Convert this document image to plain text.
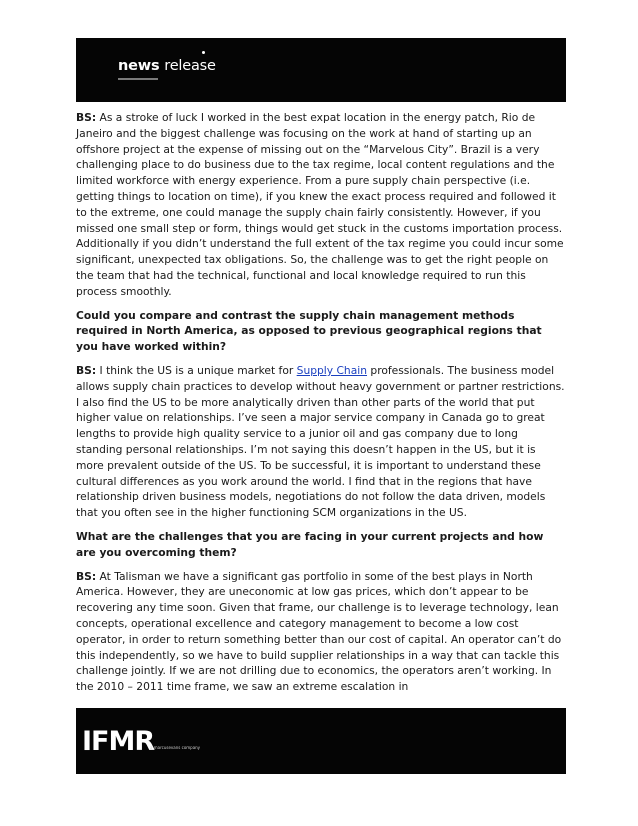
news release

BS: As a stroke of luck I worked in the best expat location in the energy patch, Rio de Janeiro and the biggest challenge was focusing on the work at hand of starting up an offshore project at the expense of missing out on the “Marvelous City”. Brazil is a very challenging place to do business due to the tax regime, local content regulations and the limited workforce with energy experience. From a pure supply chain perspective (i.e. getting things to location on time), if you knew the exact process required and followed it to the extreme, one could manage the supply chain fairly consistently. However, if you missed one small step or form, things would get stuck in the customs importation process. Additionally if you didn’t understand the full extent of the tax regime you could incur some significant, unexpected tax obligations. So, the challenge was to get the right people on the team that had the technical, functional and local knowledge required to run this process smoothly.

Could you compare and contrast the supply chain management methods required in North America, as opposed to previous geographical regions that you have worked within?

BS: I think the US is a unique market for Supply Chain professionals. The business model allows supply chain practices to develop without heavy government or partner restrictions. I also find the US to be more analytically driven than other parts of the world that put higher value on relationships. I’ve seen a major service company in Canada go to great lengths to provide high quality service to a junior oil and gas company due to long standing personal relationships. I’m not saying this doesn’t happen in the US, but it is more prevalent outside of the US. To be successful, it is important to understand these cultural differences as you work around the world. I find that in the regions that have relationship driven business models, negotiations do not follow the data driven, models that you often see in the higher functioning SCM organizations in the US.

What are the challenges that you are facing in your current projects and how are you overcoming them?

BS: At Talisman we have a significant gas portfolio in some of the best plays in North America. However, they are uneconomic at low gas prices, which don’t appear to be recovering any time soon. Given that frame, our challenge is to leverage technology, lean concepts, operational excellence and category management to become a low cost operator, in order to return something better than our cost of capital. An operator can’t do this independently, so we have to build supplier relationships in a way that can tackle this challenge jointly. If we are not drilling due to economics, the operators aren’t working. In the 2010 – 2011 time frame, we saw an extreme escalation in

IFMR
a marcusevans company
